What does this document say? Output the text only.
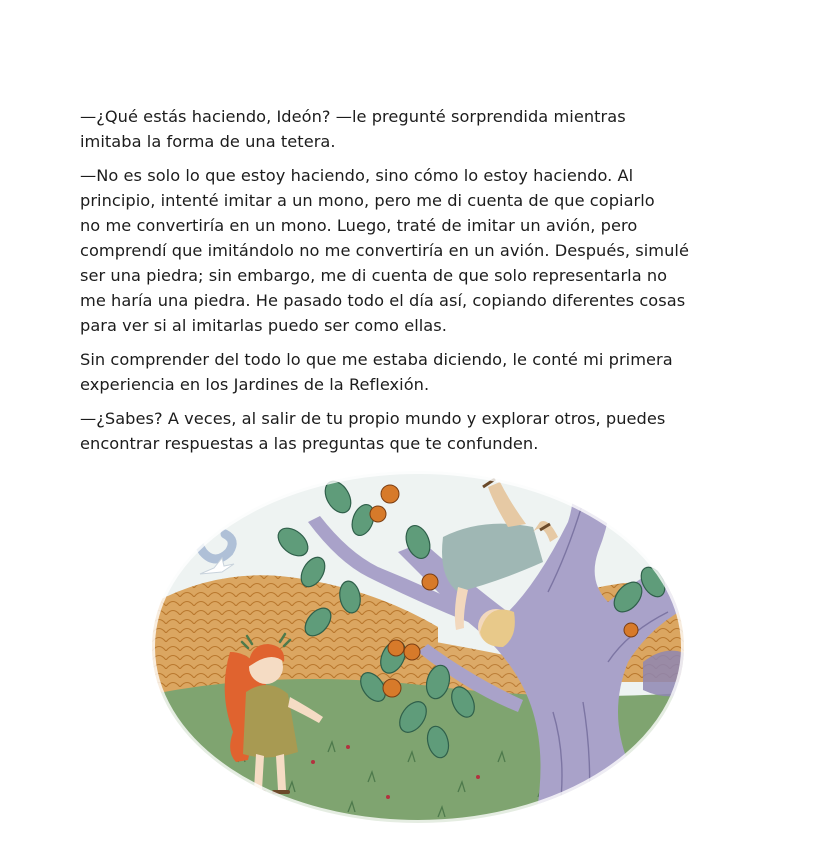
—¿Qué estás haciendo, Ideón? —le pregunté sorprendida mientras
imitaba la forma de una tetera.

—No es solo lo que estoy haciendo, sino cómo lo estoy haciendo. Al
principio, intenté imitar a un mono, pero me di cuenta de que copiarlo
no me convertiría en un mono. Luego, traté de imitar un avión, pero
comprendí que imitándolo no me convertiría en un avión. Después, simulé
ser una piedra; sin embargo, me di cuenta de que solo representarla no
me haría una piedra. He pasado todo el día así, copiando diferentes cosas
para ver si al imitarlas puedo ser como ellas.

Sin comprender del todo lo que me estaba diciendo, le conté mi primera
experiencia en los Jardines de la Reflexión.

—¿Sabes? A veces, al salir de tu propio mundo y explorar otros, puedes
encontrar respuestas a las preguntas que te confunden.
